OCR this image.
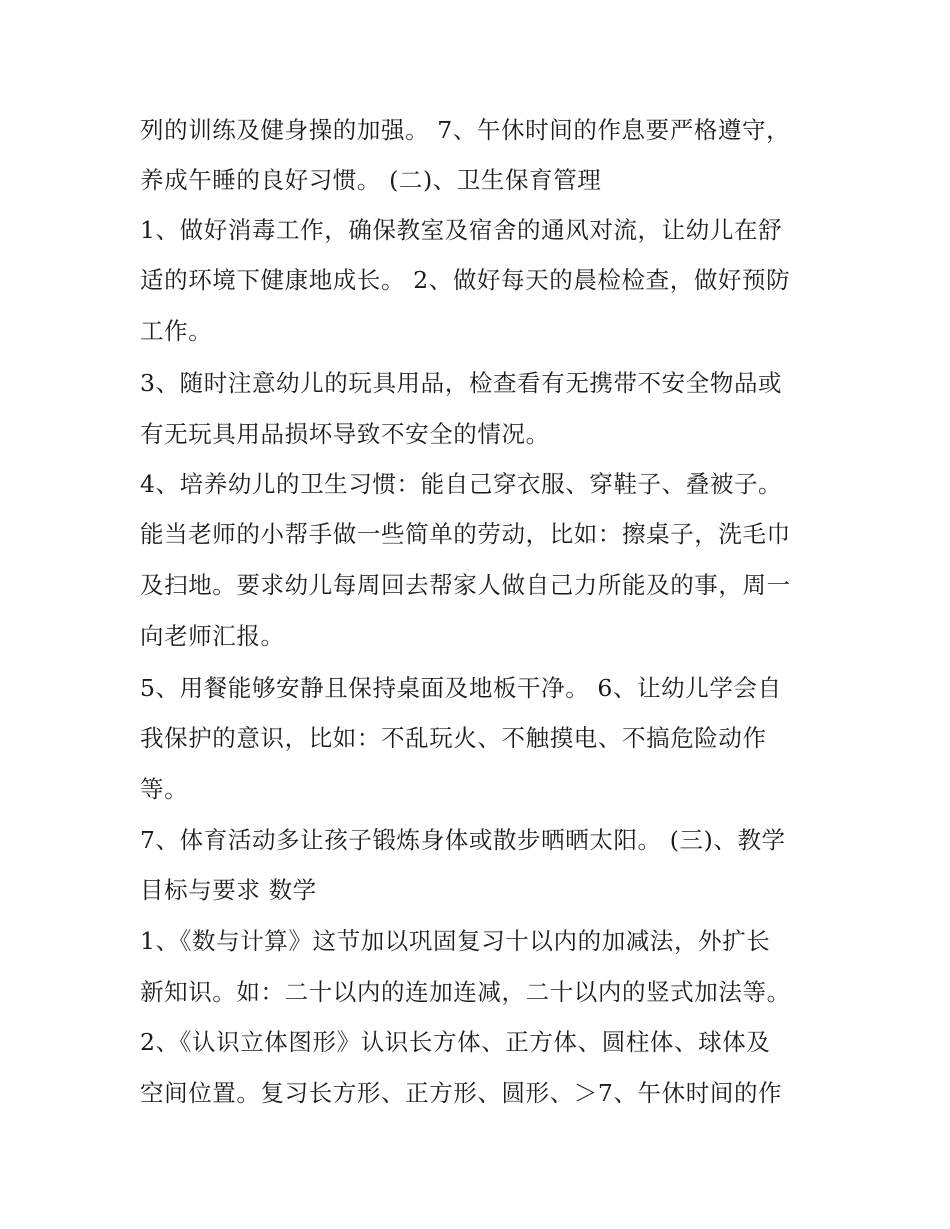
列的训练及健身操的加强。 7、午休时间的作息要严格遵守，
养成午睡的良好习惯。 (二)、卫生保育管理
1、做好消毒工作，确保教室及宿舍的通风对流，让幼儿在舒
适的环境下健康地成长。 2、做好每天的晨检检查，做好预防
工作。
3、随时注意幼儿的玩具用品，检查看有无携带不安全物品或
有无玩具用品损坏导致不安全的情况。
4、培养幼儿的卫生习惯：能自己穿衣服、穿鞋子、叠被子。
能当老师的小帮手做一些简单的劳动，比如：擦桌子，洗毛巾
及扫地。要求幼儿每周回去帮家人做自己力所能及的事，周一
向老师汇报。
5、用餐能够安静且保持桌面及地板干净。 6、让幼儿学会自
我保护的意识，比如：不乱玩火、不触摸电、不搞危险动作
等。
7、体育活动多让孩子锻炼身体或散步晒晒太阳。 (三)、教学
目标与要求 数学
1、《数与计算》这节加以巩固复习十以内的加减法，外扩长
新知识。如：二十以内的连加连减，二十以内的竖式加法等。
2、《认识立体图形》认识长方体、正方体、圆柱体、球体及
空间位置。复习长方形、正方形、圆形、＞7、午休时间的作
